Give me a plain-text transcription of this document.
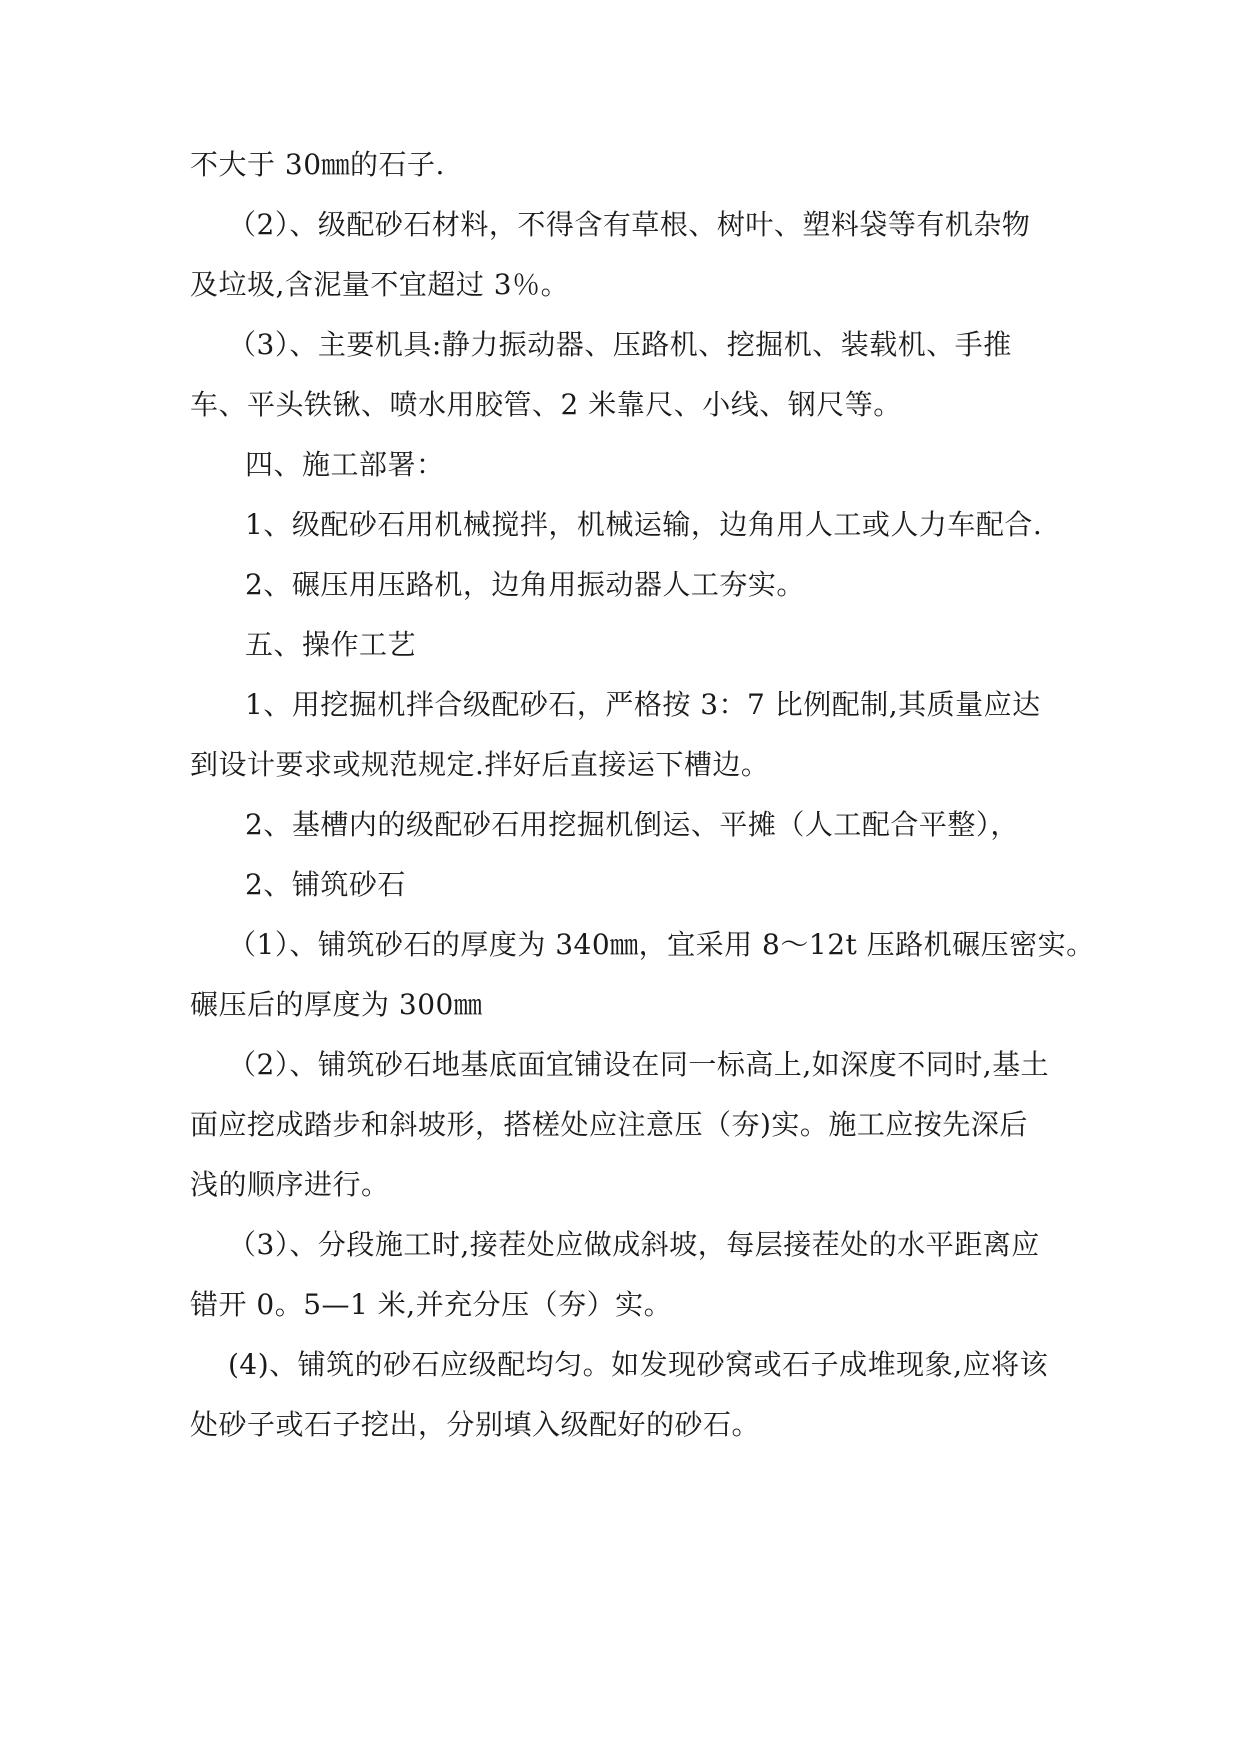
不大于 30㎜的石子.
（2）、级配砂石材料，不得含有草根、树叶、塑料袋等有机杂物
及垃圾,含泥量不宜超过 3％。
（3）、主要机具:静力振动器、压路机、挖掘机、装载机、手推
车、平头铁锹、喷水用胶管、2 米靠尺、小线、钢尺等。
四、施工部署：
1、级配砂石用机械搅拌，机械运输，边角用人工或人力车配合.
2、碾压用压路机，边角用振动器人工夯实。
五、操作工艺
1、用挖掘机拌合级配砂石，严格按 3：7 比例配制,其质量应达
到设计要求或规范规定.拌好后直接运下槽边。
2、基槽内的级配砂石用挖掘机倒运、平摊（人工配合平整），
2、铺筑砂石
（1）、铺筑砂石的厚度为 340㎜，宜采用 8～12t 压路机碾压密实。
碾压后的厚度为 300㎜
（2）、铺筑砂石地基底面宜铺设在同一标高上,如深度不同时,基土
面应挖成踏步和斜坡形，搭槎处应注意压（夯)实。施工应按先深后
浅的顺序进行。
（3）、分段施工时,接茬处应做成斜坡，每层接茬处的水平距离应
错开 0。5—1 米,并充分压（夯）实。
(4)、铺筑的砂石应级配均匀。如发现砂窝或石子成堆现象,应将该
处砂子或石子挖出，分别填入级配好的砂石。
